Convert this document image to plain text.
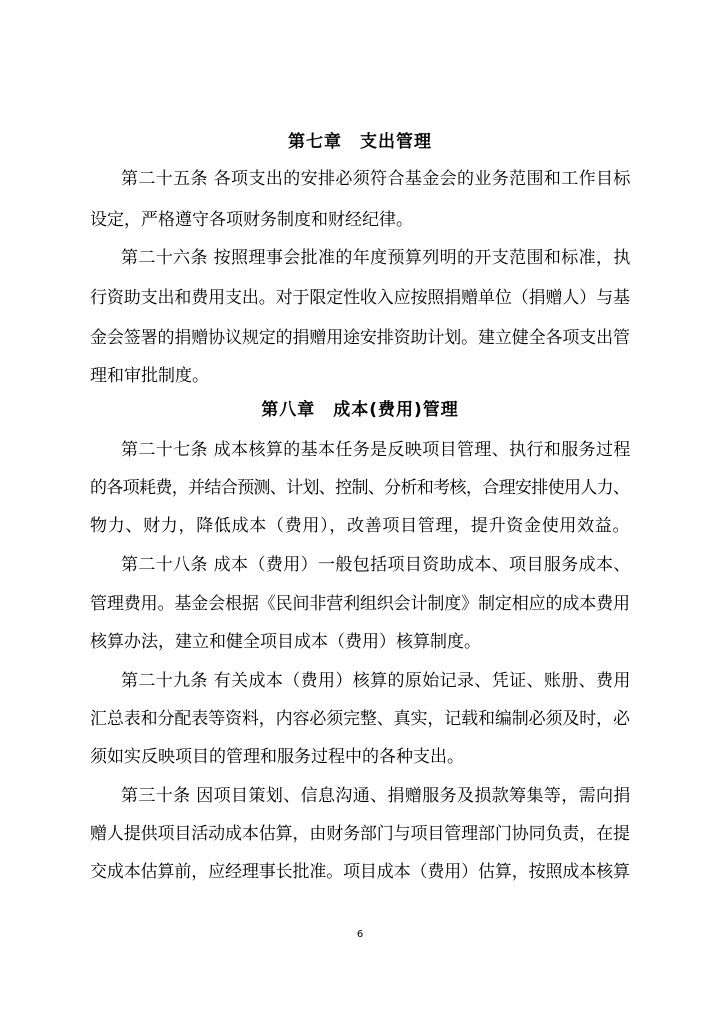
第七章　支出管理
第二十五条 各项支出的安排必须符合基金会的业务范围和工作目标
设定，严格遵守各项财务制度和财经纪律。
第二十六条 按照理事会批准的年度预算列明的开支范围和标准，执
行资助支出和费用支出。对于限定性收入应按照捐赠单位（捐赠人）与基
金会签署的捐赠协议规定的捐赠用途安排资助计划。建立健全各项支出管
理和审批制度。
第八章　成本(费用)管理
第二十七条 成本核算的基本任务是反映项目管理、执行和服务过程
的各项耗费，并结合预测、计划、控制、分析和考核，合理安排使用人力、
物力、财力，降低成本（费用），改善项目管理，提升资金使用效益。
第二十八条 成本（费用）一般包括项目资助成本、项目服务成本、
管理费用。基金会根据《民间非营利组织会计制度》制定相应的成本费用
核算办法，建立和健全项目成本（费用）核算制度。
第二十九条 有关成本（费用）核算的原始记录、凭证、账册、费用
汇总表和分配表等资料，内容必须完整、真实，记载和编制必须及时，必
须如实反映项目的管理和服务过程中的各种支出。
第三十条 因项目策划、信息沟通、捐赠服务及损款筹集等，需向捐
赠人提供项目活动成本估算，由财务部门与项目管理部门协同负责，在提
交成本估算前，应经理事长批准。项目成本（费用）估算，按照成本核算
6
